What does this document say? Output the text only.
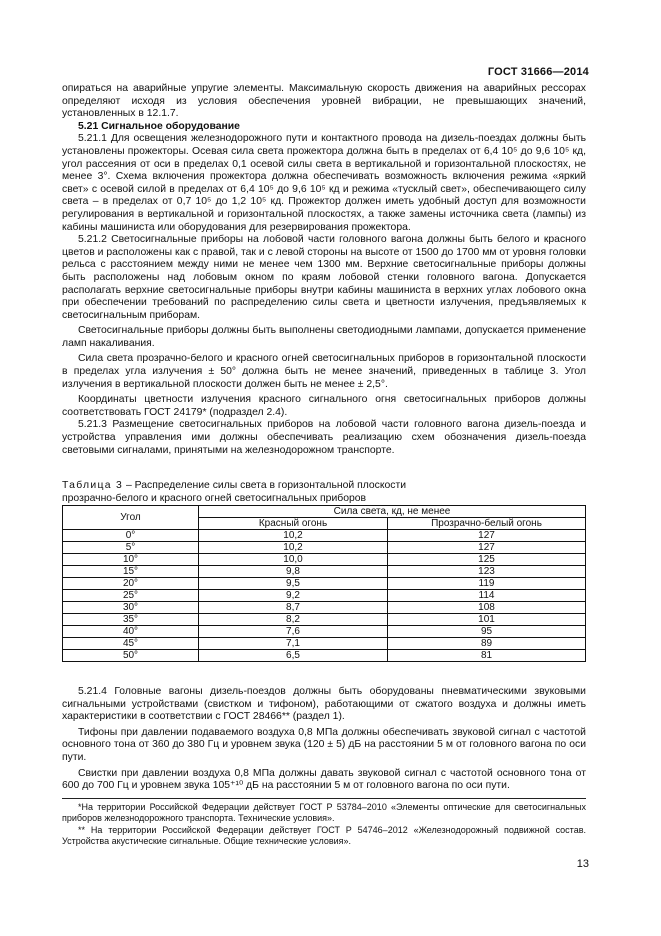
ГОСТ 31666—2014

опираться на аварийные упругие элементы. Максимальную скорость движения на аварийных рессорах определяют исходя из условия обеспечения уровней вибрации, не превышающих значений, установленных в 12.1.7.

5.21 Сигнальное оборудование

5.21.1 Для освещения железнодорожного пути и контактного провода на дизель-поездах должны быть установлены прожекторы. Осевая сила света прожектора должна быть в пределах от 6,4 10⁵ до 9,6 10⁵ кд, угол рассеяния от оси в пределах 0,1 осевой силы света в вертикальной и горизонтальной плоскостях, не менее 3°. Схема включения прожектора должна обеспечивать возможность включения режима «яркий свет» с осевой силой в пределах от 6,4 10⁵ до 9,6 10⁵ кд и режима «тусклый свет», обеспечивающего силу света – в пределах от 0,7 10⁵ до 1,2 10⁵ кд. Прожектор должен иметь удобный доступ для возможности регулирования в вертикальной и горизонтальной плоскостях, а также замены источника света (лампы) из кабины машиниста или оборудования для резервирования прожектора.

5.21.2 Светосигнальные приборы на лобовой части головного вагона должны быть белого и красного цветов и расположены как с правой, так и с левой стороны на высоте от 1500 до 1700 мм от уровня головки рельса с расстоянием между ними не менее чем 1300 мм. Верхние светосигнальные приборы должны быть расположены над лобовым окном по краям лобовой стенки головного вагона. Допускается располагать верхние светосигнальные приборы внутри кабины машиниста в верхних углах лобового окна при обеспечении требований по распределению силы света и цветности излучения, предъявляемых к светосигнальным приборам.

Светосигнальные приборы должны быть выполнены светодиодными лампами, допускается применение ламп накаливания.

Сила света прозрачно-белого и красного огней светосигнальных приборов в горизонтальной плоскости в пределах угла излучения ± 50° должна быть не менее значений, приведенных в таблице 3. Угол излучения в вертикальной плоскости должен быть не менее ± 2,5°.

Координаты цветности излучения красного сигнального огня светосигнальных приборов должны соответствовать ГОСТ 24179* (подраздел 2.4).

5.21.3 Размещение светосигнальных приборов на лобовой части головного вагона дизель-поезда и устройства управления ими должны обеспечивать реализацию схем обозначения дизель-поезда световыми сигналами, принятыми на железнодорожном транспорте.

Таблица 3 – Распределение силы света в горизонтальной плоскости
прозрачно-белого и красного огней светосигнальных приборов
Угол	Сила света, кд, не менее	
	Красный огонь	Прозрачно-белый огонь
0°	10,2	127
5°	10,2	127
10°	10,0	125
15°	9,8	123
20°	9,5	119
25°	9,2	114
30°	8,7	108
35°	8,2	101
40°	7,6	95
45°	7,1	89
50°	6,5	81

5.21.4 Головные вагоны дизель-поездов должны быть оборудованы пневматическими звуковыми сигнальными устройствами (свистком и тифоном), работающими от сжатого воздуха и должны иметь характеристики в соответствии с ГОСТ 28466** (раздел 1).

Тифоны при давлении подаваемого воздуха 0,8 МПа должны обеспечивать звуковой сигнал с частотой основного тона от 360 до 380 Гц и уровнем звука (120 ± 5) дБ на расстоянии 5 м от головного вагона по оси пути.

Свистки при давлении воздуха 0,8 МПа должны давать звуковой сигнал с частотой основного тона от 600 до 700 Гц и уровнем звука 105⁺¹⁰ дБ на расстоянии 5 м от головного вагона по оси пути.

*На территории Российской Федерации действует ГОСТ Р 53784–2010 «Элементы оптические для светосигнальных приборов железнодорожного транспорта. Технические условия».

** На территории Российской Федерации действует ГОСТ Р 54746–2012 «Железнодорожный подвижной состав. Устройства акустические сигнальные. Общие технические условия».

13
